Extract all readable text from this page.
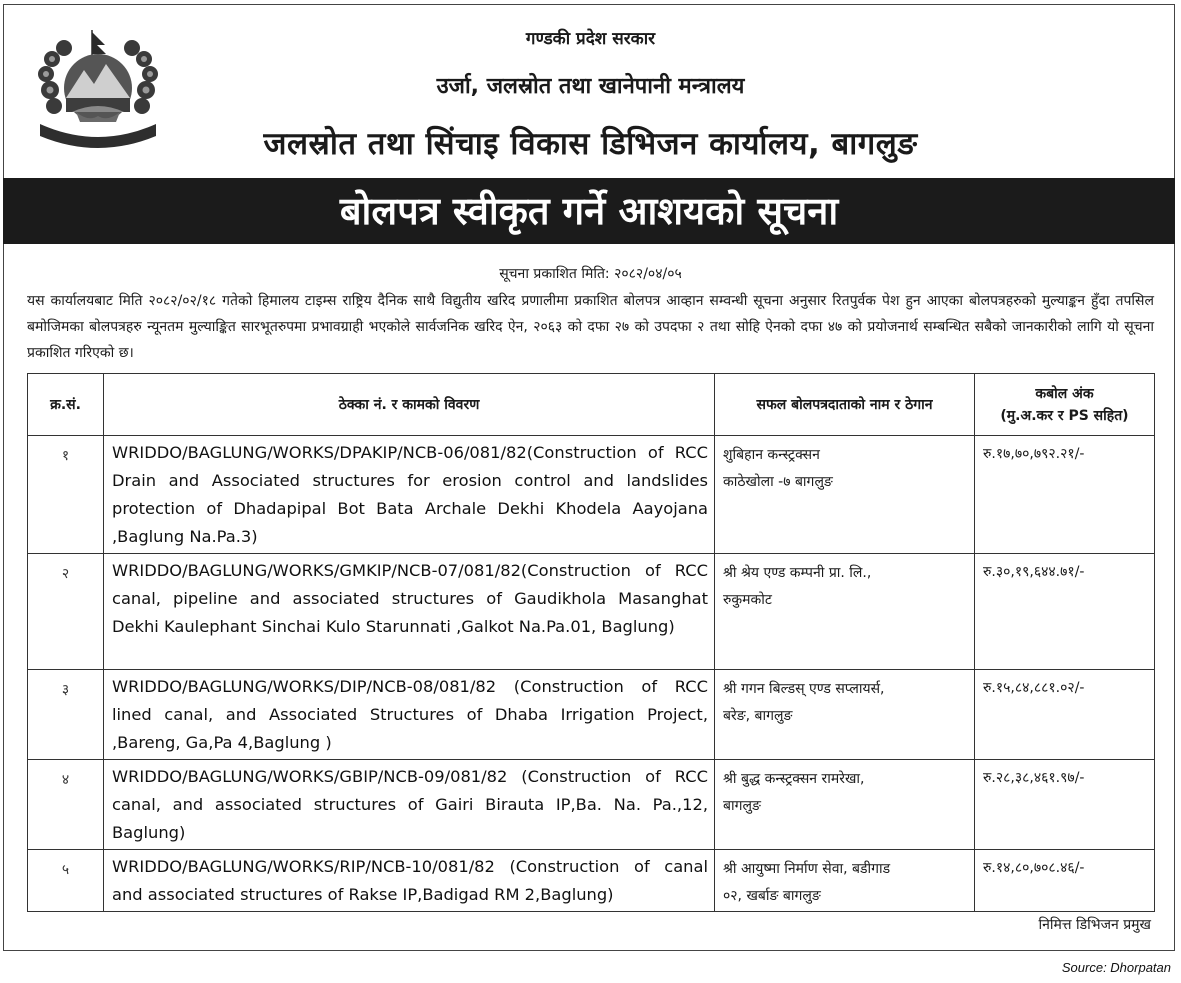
गण्डकी प्रदेश सरकार
उर्जा, जलस्रोत तथा खानेपानी मन्त्रालय
जलस्रोत तथा सिंचाइ विकास डिभिजन कार्यालय, बागलुङ
बोलपत्र स्वीकृत गर्ने आशयको सूचना
सूचना प्रकाशित मिति: २०८२/०४/०५
यस कार्यालयबाट मिति २०८२/०२/१८ गतेको हिमालय टाइम्स राष्ट्रिय दैनिक साथै विद्युतीय खरिद प्रणालीमा प्रकाशित बोलपत्र आव्हान सम्वन्धी सूचना अनुसार रितपुर्वक पेश हुन आएका बोलपत्रहरुको मुल्याङ्कन हुँदा तपसिल बमोजिमका बोलपत्रहरु न्यूनतम मुल्याङ्कित सारभूतरुपमा प्रभावग्राही भएकोले सार्वजनिक खरिद ऐन, २०६३ को दफा २७ को उपदफा २ तथा सोहि ऐनको दफा ४७ को प्रयोजनार्थ सम्बन्धित सबैको जानकारीको लागि यो सूचना प्रकाशित गरिएको छ।
क्र.सं.	ठेक्का नं. र कामको विवरण	सफल बोलपत्रदाताको नाम र ठेगान	कबोल अंक
(मु.अ.कर र PS सहित)

१	WRIDDO/BAGLUNG/WORKS/DPAKIP/NCB-06/081/82(Construction of RCC Drain and Associated structures for erosion control and landslides protection of Dhadapipal Bot Bata Archale Dekhi Khodela Aayojana ,Baglung Na.Pa.3)	शुबिहान कन्स्ट्रक्सन
काठेखोला -७ बागलुङ	रु.१७,७०,७९२.२१/-
२	WRIDDO/BAGLUNG/WORKS/GMKIP/NCB-07/081/82(Construction of RCC canal, pipeline and associated structures of Gaudikhola Masanghat Dekhi Kaulephant Sinchai Kulo Starunnati ,Galkot Na.Pa.01, Baglung)	श्री श्रेय एण्ड कम्पनी प्रा. लि.,
रुकुमकोट	रु.३०,१९,६४४.७१/-
३	WRIDDO/BAGLUNG/WORKS/DIP/NCB-08/081/82 (Construction of RCC lined canal, and Associated Structures of Dhaba Irrigation Project, ,Bareng, Ga,Pa 4,Baglung )	श्री गगन बिल्डस् एण्ड सप्लायर्स,
बरेङ, बागलुङ	रु.१५,८४,८८१.०२/-
४	WRIDDO/BAGLUNG/WORKS/GBIP/NCB-09/081/82 (Construction of RCC canal, and associated structures of Gairi Birauta IP,Ba. Na. Pa.,12, Baglung)	श्री बुद्ध कन्स्ट्रक्सन रामरेखा,
बागलुङ	रु.२८,३८,४६१.९७/-
५	WRIDDO/BAGLUNG/WORKS/RIP/NCB-10/081/82 (Construction of canal and associated structures of Rakse IP,Badigad RM 2,Baglung)	श्री आयुष्मा निर्माण सेवा, बडीगाड
०२, खर्बाङ बागलुङ	रु.१४,८०,७०८.४६/-
निमित्त डिभिजन प्रमुख
Source: Dhorpatan
